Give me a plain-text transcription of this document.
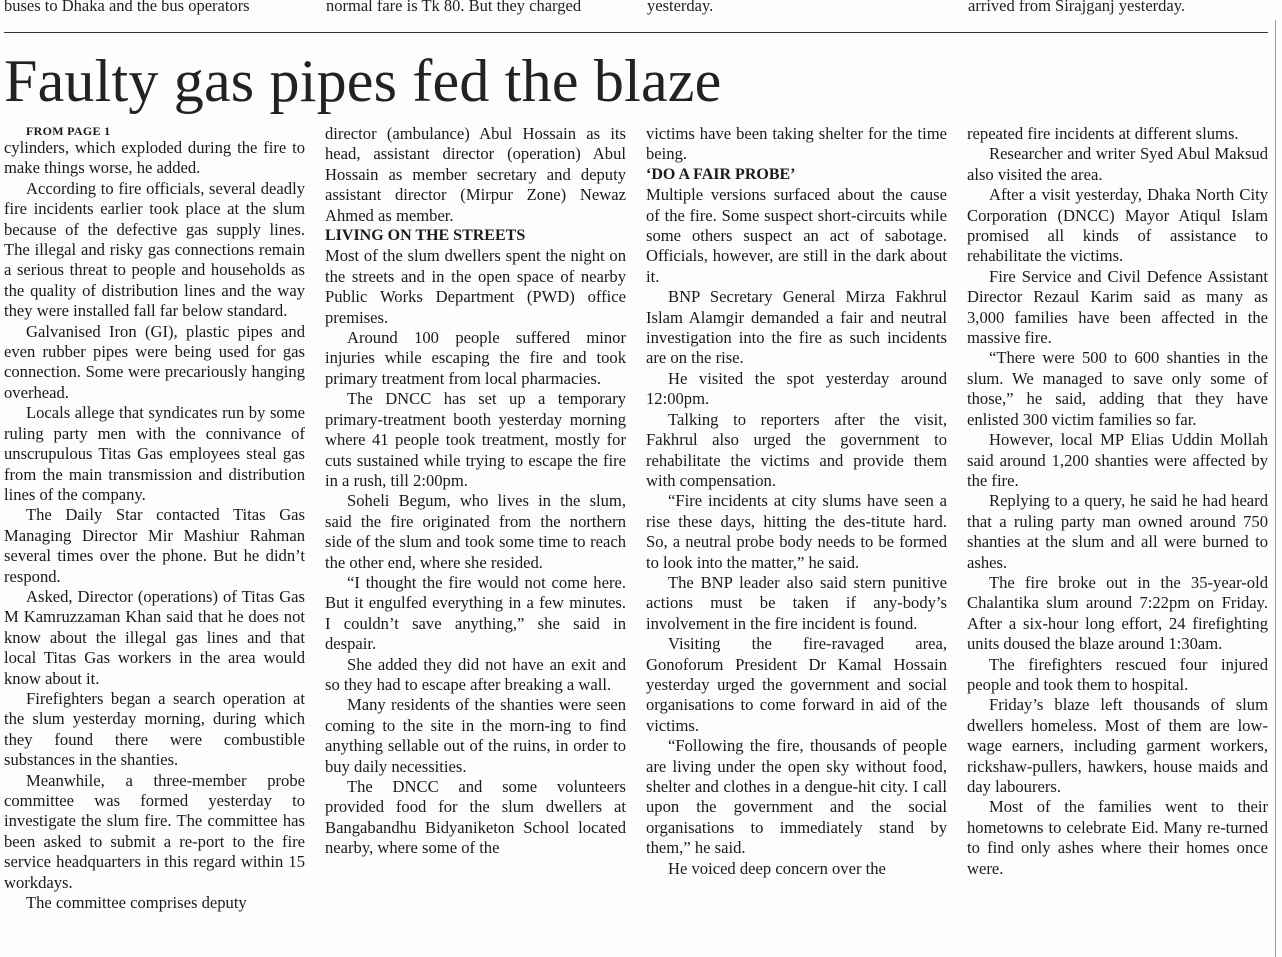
buses to Dhaka and the bus operators	normal fare is Tk 80. But they charged	yesterday.	arrived from Sirajganj yesterday.
Faulty gas pipes fed the blaze

FROM PAGE 1

cylinders, which exploded during the fire to make things worse, he added.

According to fire officials, several deadly fire incidents earlier took place at the slum because of the defective gas supply lines. The illegal and risky gas connections remain a serious threat to people and households as the quality of distribution lines and the way they were installed fall far below standard.

Galvanised Iron (GI), plastic pipes and even rubber pipes were being used for gas connection. Some were precariously hanging overhead.

Locals allege that syndicates run by some ruling party men with the connivance of unscrupulous Titas Gas employees steal gas from the main transmission and distribution lines of the company.

The Daily Star contacted Titas Gas Managing Director Mir Mashiur Rahman several times over the phone. But he didn’t respond.

Asked, Director (operations) of Titas Gas M Kamruzzaman Khan said that he does not know about the illegal gas lines and that local Titas Gas workers in the area would know about it.

Firefighters began a search operation at the slum yesterday morning, during which they found there were combustible substances in the shanties.

Meanwhile, a three-member probe committee was formed yesterday to investigate the slum fire. The committee has been asked to submit a re-port to the fire service headquarters in this regard within 15 workdays.

The committee comprises deputy

director (ambulance) Abul Hossain as its head, assistant director (operation) Abul Hossain as member secretary and deputy assistant director (Mirpur Zone) Newaz Ahmed as member.

LIVING ON THE STREETS

Most of the slum dwellers spent the night on the streets and in the open space of nearby Public Works Department (PWD) office premises.

Around 100 people suffered minor injuries while escaping the fire and took primary treatment from local pharmacies.

The DNCC has set up a temporary primary-treatment booth yesterday morning where 41 people took treatment, mostly for cuts sustained while trying to escape the fire in a rush, till 2:00pm.

Soheli Begum, who lives in the slum, said the fire originated from the northern side of the slum and took some time to reach the other end, where she resided.

“I thought the fire would not come here. But it engulfed everything in a few minutes. I couldn’t save anything,” she said in despair.

She added they did not have an exit and so they had to escape after breaking a wall.

Many residents of the shanties were seen coming to the site in the morn-ing to find anything sellable out of the ruins, in order to buy daily necessities.

The DNCC and some volunteers provided food for the slum dwellers at Bangabandhu Bidyaniketon School located nearby, where some of the

victims have been taking shelter for the time being.

‘DO A FAIR PROBE’

Multiple versions surfaced about the cause of the fire. Some suspect short-circuits while some others suspect an act of sabotage. Officials, however, are still in the dark about it.

BNP Secretary General Mirza Fakhrul Islam Alamgir demanded a fair and neutral investigation into the fire as such incidents are on the rise.

He visited the spot yesterday around 12:00pm.

Talking to reporters after the visit, Fakhrul also urged the government to rehabilitate the victims and provide them with compensation.

“Fire incidents at city slums have seen a rise these days, hitting the des-titute hard. So, a neutral probe body needs to be formed to look into the matter,” he said.

The BNP leader also said stern punitive actions must be taken if any-body’s involvement in the fire incident is found.

Visiting the fire-ravaged area, Gonoforum President Dr Kamal Hossain yesterday urged the government and social organisations to come forward in aid of the victims.

“Following the fire, thousands of people are living under the open sky without food, shelter and clothes in a dengue-hit city. I call upon the government and the social organisations to immediately stand by them,” he said.

He voiced deep concern over the

repeated fire incidents at different slums.

Researcher and writer Syed Abul Maksud also visited the area.

After a visit yesterday, Dhaka North City Corporation (DNCC) Mayor Atiqul Islam promised all kinds of assistance to rehabilitate the victims.

Fire Service and Civil Defence Assistant Director Rezaul Karim said as many as 3,000 families have been affected in the massive fire.

“There were 500 to 600 shanties in the slum. We managed to save only some of those,” he said, adding that they have enlisted 300 victim families so far.

However, local MP Elias Uddin Mollah said around 1,200 shanties were affected by the fire.

Replying to a query, he said he had heard that a ruling party man owned around 750 shanties at the slum and all were burned to ashes.

The fire broke out in the 35-year-old Chalantika slum around 7:22pm on Friday. After a six-hour long effort, 24 firefighting units doused the blaze around 1:30am.

The firefighters rescued four injured people and took them to hospital.

Friday’s blaze left thousands of slum dwellers homeless. Most of them are low-wage earners, including garment workers, rickshaw-pullers, hawkers, house maids and day labourers.

Most of the families went to their hometowns to celebrate Eid. Many re-turned to find only ashes where their homes once were.
